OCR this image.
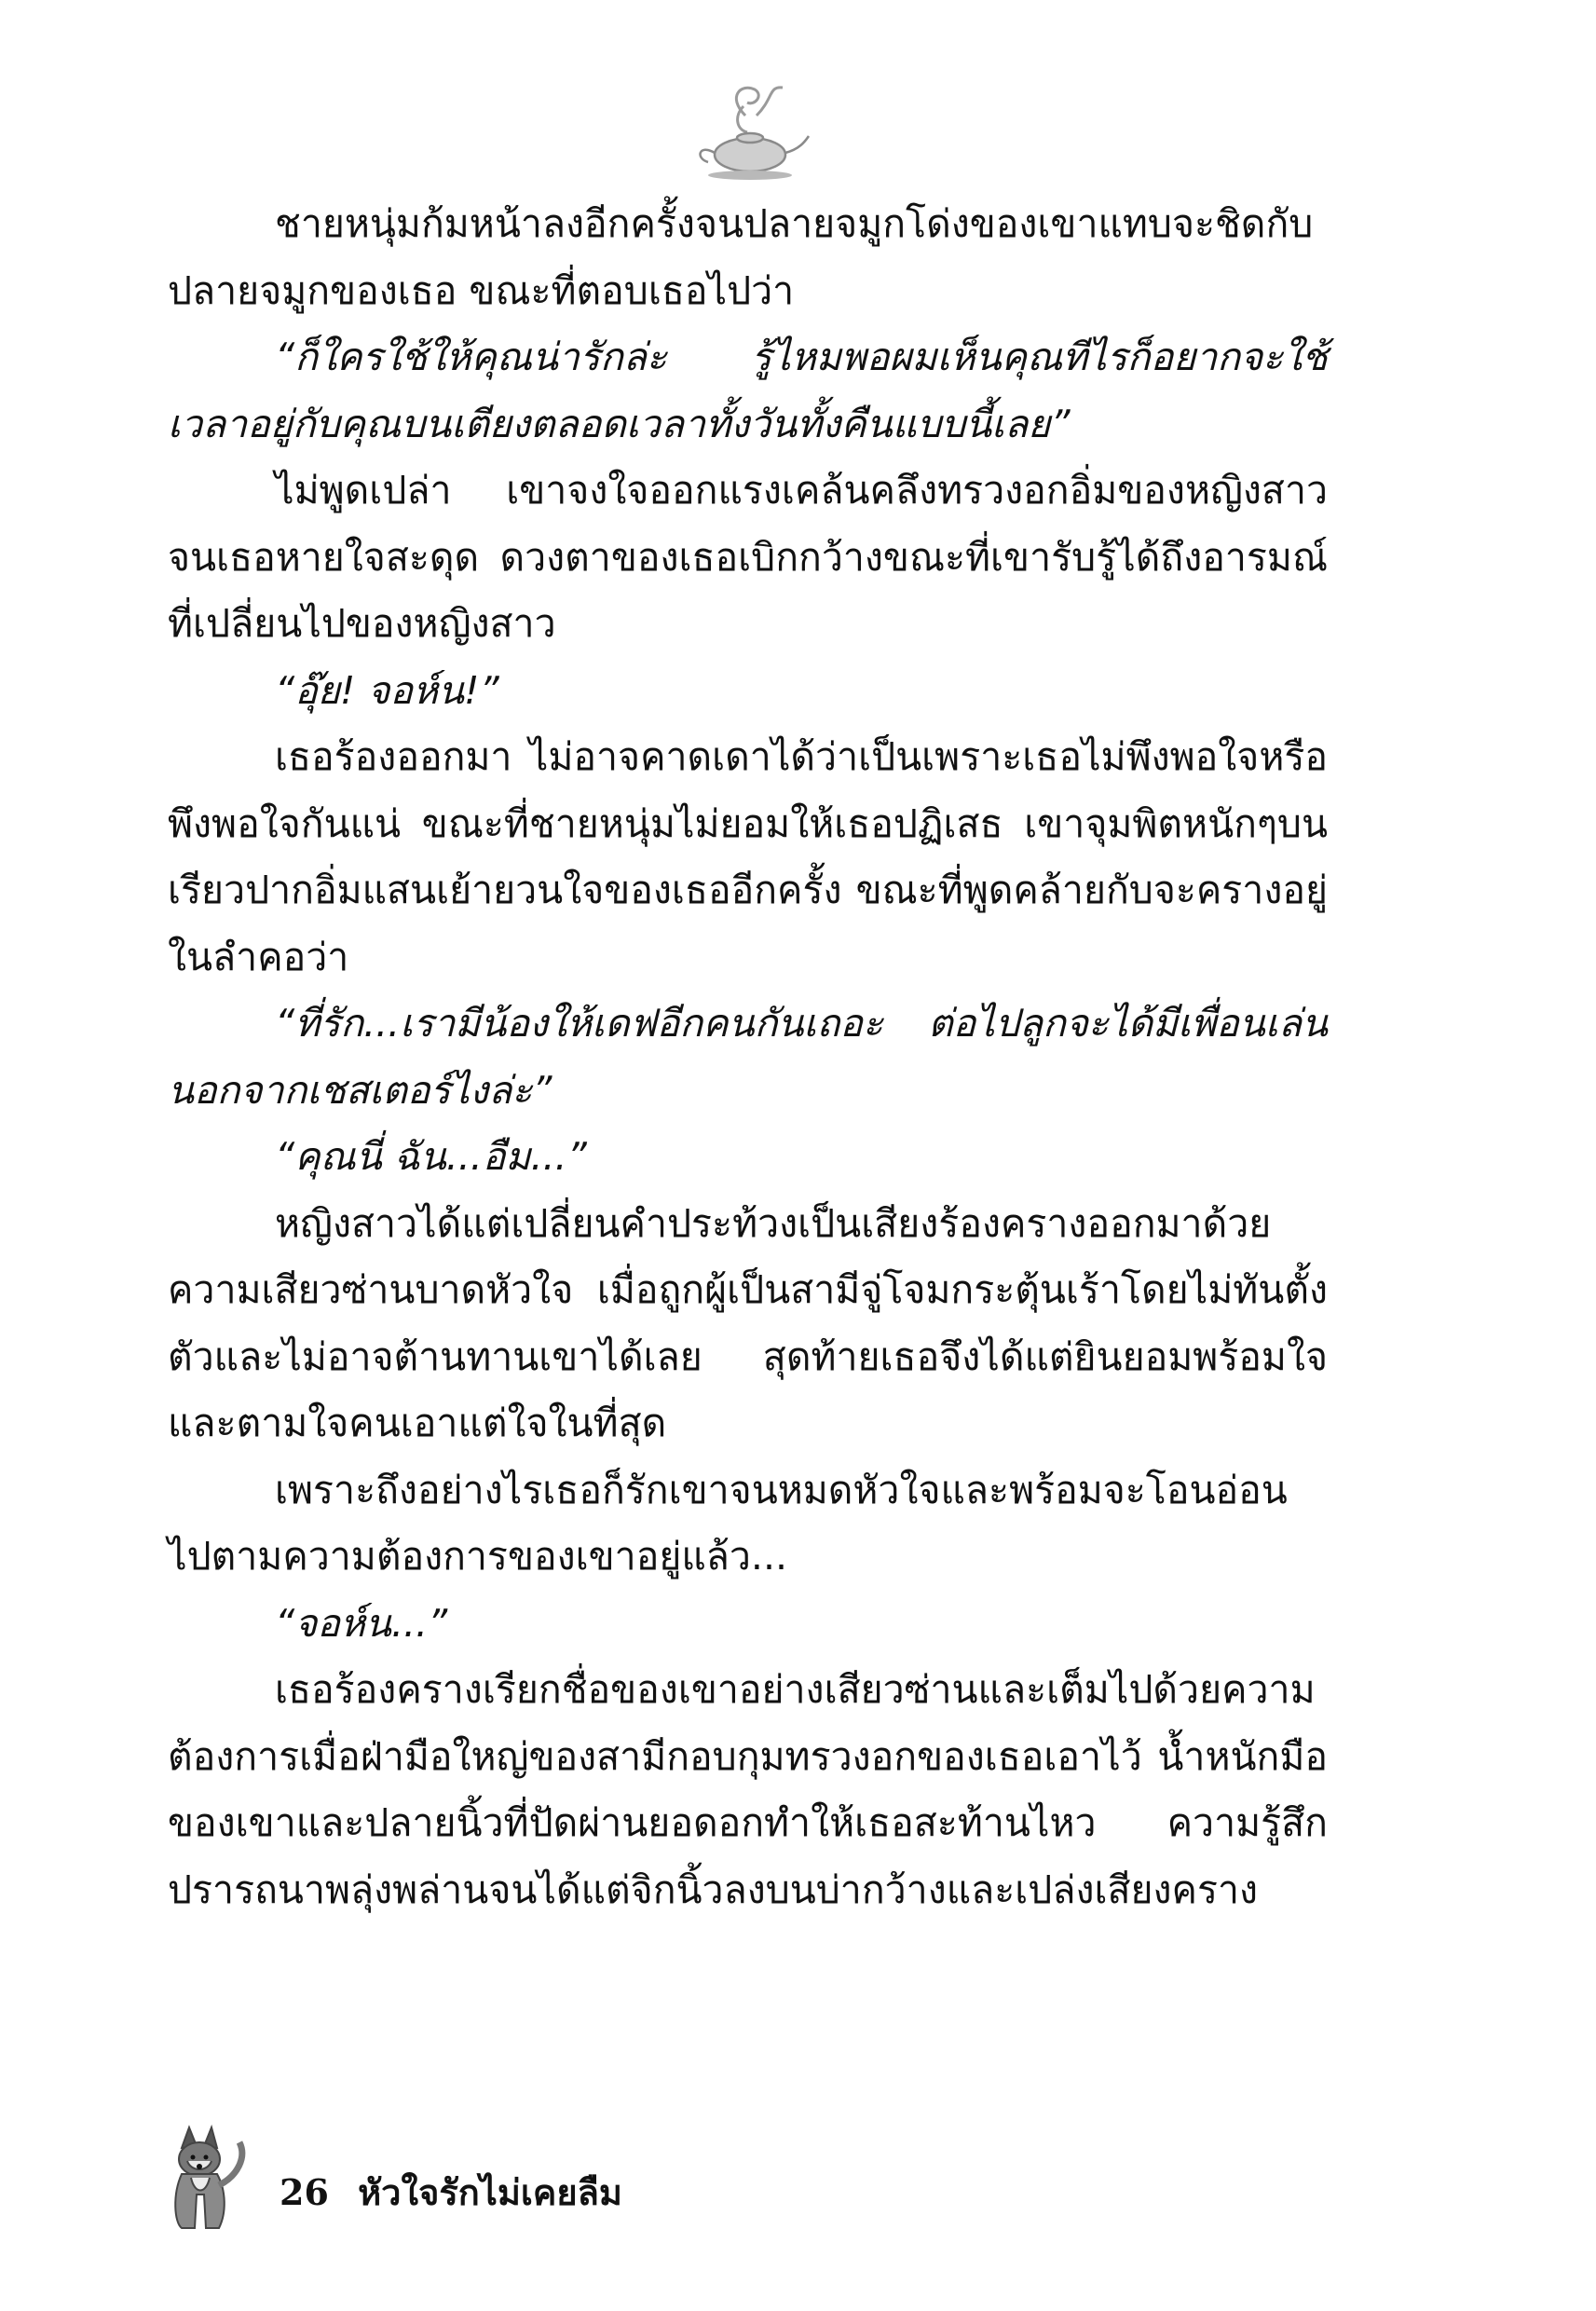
ชายหนุ่มก้มหน้าลงอีกครั้งจนปลายจมูกโด่งของเขาแทบจะชิดกับปลายจมูกของเธอ ขณะที่ตอบเธอไปว่า

“ก็ใครใช้ให้คุณน่ารักล่ะ รู้ไหมพอผมเห็นคุณทีไรก็อยากจะใช้เวลาอยู่กับคุณบนเตียงตลอดเวลาทั้งวันทั้งคืนแบบนี้เลย”

ไม่พูดเปล่า เขาจงใจออกแรงเคล้นคลึงทรวงอกอิ่มของหญิงสาวจนเธอหายใจสะดุด ดวงตาของเธอเบิกกว้างขณะที่เขารับรู้ได้ถึงอารมณ์ที่เปลี่ยนไปของหญิงสาว

“อุ๊ย! จอห์น!”

เธอร้องออกมา ไม่อาจคาดเดาได้ว่าเป็นเพราะเธอไม่พึงพอใจหรือพึงพอใจกันแน่ ขณะที่ชายหนุ่มไม่ยอมให้เธอปฏิเสธ เขาจุมพิตหนักๆบนเรียวปากอิ่มแสนเย้ายวนใจของเธออีกครั้ง ขณะที่พูดคล้ายกับจะครางอยู่ในลำคอว่า

“ที่รัก...เรามีน้องให้เดฟอีกคนกันเถอะ ต่อไปลูกจะได้มีเพื่อนเล่นนอกจากเชสเตอร์ไงล่ะ”

“คุณนี่ ฉัน...อืม...”

หญิงสาวได้แต่เปลี่ยนคำประท้วงเป็นเสียงร้องครางออกมาด้วยความเสียวซ่านบาดหัวใจ เมื่อถูกผู้เป็นสามีจู่โจมกระตุ้นเร้าโดยไม่ทันตั้งตัวและไม่อาจต้านทานเขาได้เลย สุดท้ายเธอจึงได้แต่ยินยอมพร้อมใจและตามใจคนเอาแต่ใจในที่สุด

เพราะถึงอย่างไรเธอก็รักเขาจนหมดหัวใจและพร้อมจะโอนอ่อนไปตามความต้องการของเขาอยู่แล้ว...

“จอห์น...”

เธอร้องครางเรียกชื่อของเขาอย่างเสียวซ่านและเต็มไปด้วยความต้องการเมื่อฝ่ามือใหญ่ของสามีกอบกุมทรวงอกของเธอเอาไว้ น้ำหนักมือของเขาและปลายนิ้วที่ปัดผ่านยอดอกทำให้เธอสะท้านไหว ความรู้สึกปรารถนาพลุ่งพล่านจนได้แต่จิกนิ้วลงบนบ่ากว้างและเปล่งเสียงคราง

26 หัวใจรักไม่เคยลืม
